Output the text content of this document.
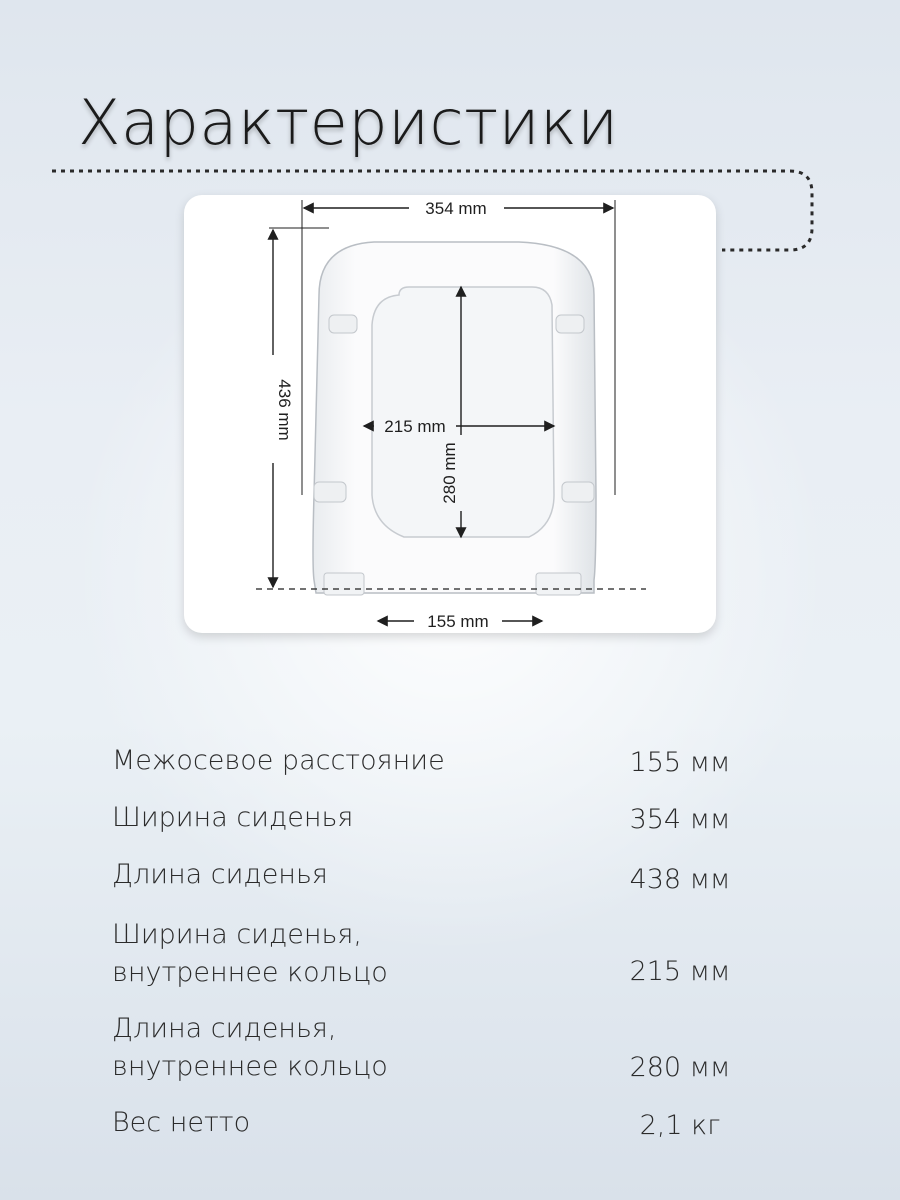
Характеристики
354 mm
436 mm	215 mm
280 mm
155 mm
Межосевое расстояние	155 мм
Ширина сиденья	354 мм
Длина сиденья	438 мм
Ширина сиденья,
внутреннее кольцо	215 мм
Длина сиденья,
внутреннее кольцо	280 мм
Вес нетто	2,1 кг
